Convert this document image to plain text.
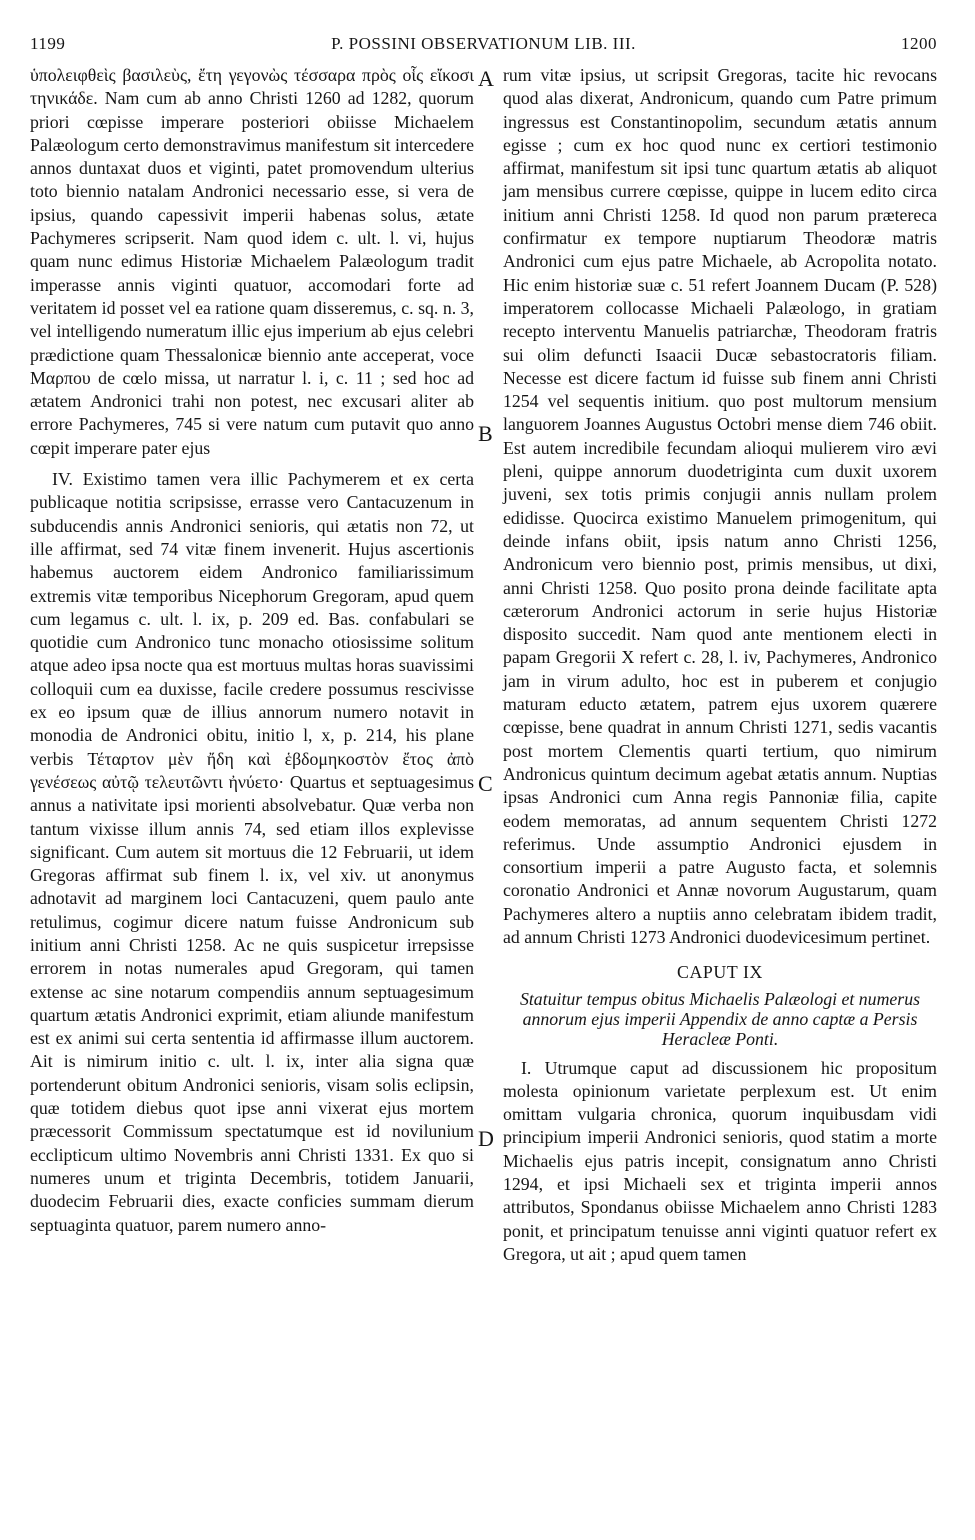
1199	P. POSSINI OBSERVATIONUM LIB. III.	1200

ὑπολειφθεὶς βασιλεὺς, ἔτη γεγονὼς τέσσαρα πρὸς οἷς εἴκοσι τηνικάδε. Nam cum ab anno Christi 1260 ad 1282, quorum priori cœpisse imperare posteriori obiisse Michaelem Palæologum certo demonstravimus manifestum sit intercedere annos duntaxat duos et viginti, patet promovendum ulterius toto biennio natalam Andronici necessario esse, si vera de ipsius, quando capessivit imperii habenas solus, ætate Pachymeres scripserit. Nam quod idem c. ult. l. vi, hujus quam nunc edimus Historiæ Michaelem Palæologum tradit imperasse annis viginti quatuor, accomodari forte ad veritatem id posset vel ea ratione quam disseremus, c. sq. n. 3, vel intelligendo numeratum illic ejus imperium ab ejus celebri prædictione quam Thessalonicæ biennio ante acceperat, voce Μαρπου de cœlo missa, ut narratur l. i, c. 11 ; sed hoc ad ætatem Andronici trahi non potest, nec excusari aliter ab errore Pachymeres, 745 si vere natum cum putavit quo anno cœpit imperare pater ejus

IV. Existimo tamen vera illic Pachymerem et ex certa publicaque notitia scripsisse, errasse vero Cantacuzenum in subducendis annis Andronici senioris, qui ætatis non 72, ut ille affirmat, sed 74 vitæ finem invenerit. Hujus ascertionis habemus auctorem eidem Andronico familiarissimum extremis vitæ temporibus Nicephorum Gregoram, apud quem cum legamus c. ult. l. ix, p. 209 ed. Bas. confabulari se quotidie cum Andronico tunc monacho otiosissime solitum atque adeo ipsa nocte qua est mortuus multas horas suavissimi colloquii cum ea duxisse, facile credere possumus rescivisse ex eo ipsum quæ de illius annorum numero notavit in monodia de Andronici obitu, initio l, x, p. 214, his plane verbis Τέταρτον μὲν ἤδη καὶ ἑβδομηκοστὸν ἔτος ἀπὸ γενέσεως αὐτῷ τελευτῶντι ἠνύετο· Quartus et septuagesimus annus a nativitate ipsi morienti absolvebatur. Quæ verba non tantum vixisse illum annis 74, sed etiam illos explevisse significant. Cum autem sit mortuus die 12 Februarii, ut idem Gregoras affirmat sub finem l. ix, vel xiv. ut anonymus adnotavit ad marginem loci Cantacuzeni, quem paulo ante retulimus, cogimur dicere natum fuisse Andronicum sub initium anni Christi 1258. Ac ne quis suspicetur irrepsisse errorem in notas numerales apud Gregoram, qui tamen extense ac sine notarum compendiis annum septuagesimum quartum ætatis Andronici exprimit, etiam aliunde manifestum est ex animi sui certa sententia id affirmasse illum auctorem. Ait is nimirum initio c. ult. l. ix, inter alia signa quæ portenderunt obitum Andronici senioris, visam solis eclipsin, quæ totidem diebus quot ipse anni vixerat ejus mortem præcessorit Commissum spectatumque est id novilunium ecclipticum ultimo Novembris anni Christi 1331. Ex quo si numeres unum et triginta Decembris, totidem Januarii, duodecim Februarii dies, exacte conficies summam dierum septuaginta quatuor, parem numero anno-

A
B
C
D

rum vitæ ipsius, ut scripsit Gregoras, tacite hic revocans quod alas dixerat, Andronicum, quando cum Patre primum ingressus est Constantinopolim, secundum ætatis annum egisse ; cum ex hoc quod nunc ex certiori testimonio affirmat, manifestum sit ipsi tunc quartum ætatis ab aliquot jam mensibus currere cœpisse, quippe in lucem edito circa initium anni Christi 1258. Id quod non parum prætereca confirmatur ex tempore nuptiarum Theodoræ matris Andronici cum ejus patre Michaele, ab Acropolita notato. Hic enim historiæ suæ c. 51 refert Joannem Ducam (P. 528) imperatorem collocasse Michaeli Palæologo, in gratiam recepto interventu Manuelis patriarchæ, Theodoram fratris sui olim defuncti Isaacii Ducæ sebastocratoris filiam. Necesse est dicere factum id fuisse sub finem anni Christi 1254 vel sequentis initium. quo post multorum mensium languorem Joannes Augustus Octobri mense diem 746 obiit. Est autem incredibile fecundam alioqui mulierem viro ævi pleni, quippe annorum duodetriginta cum duxit uxorem juveni, sex totis primis conjugii annis nullam prolem edidisse. Quocirca existimo Manuelem primogenitum, qui deinde infans obiit, ipsis natum anno Christi 1256, Andronicum vero biennio post, primis mensibus, ut dixi, anni Christi 1258. Quo posito prona deinde facilitate apta cæterorum Andronici actorum in serie hujus Historiæ disposito succedit. Nam quod ante mentionem electi in papam Gregorii X refert c. 28, l. iv, Pachymeres, Andronico jam in virum adulto, hoc est in puberem et conjugio maturam educto ætatem, patrem ejus uxorem quærere cœpisse, bene quadrat in annum Christi 1271, sedis vacantis post mortem Clementis quarti tertium, quo nimirum Andronicus quintum decimum agebat ætatis annum. Nuptias ipsas Andronici cum Anna regis Pannoniæ filia, capite eodem memoratas, ad annum sequentem Christi 1272 referimus. Unde assumptio Andronici ejusdem in consortium imperii a patre Augusto facta, et solemnis coronatio Andronici et Annæ novorum Augustarum, quam Pachymeres altero a nuptiis anno celebratam ibidem tradit, ad annum Christi 1273 Andronici duodevicesimum pertinet.

CAPUT IX

Statuitur tempus obitus Michaelis Palæologi et numerus annorum ejus imperii Appendix de anno captæ a Persis Heracleæ Ponti.

I. Utrumque caput ad discussionem hic propositum molesta opinionum varietate perplexum est. Ut enim omittam vulgaria chronica, quorum inquibusdam vidi principium imperii Andronici senioris, quod statim a morte Michaelis ejus patris incepit, consignatum anno Christi 1294, et ipsi Michaeli sex et triginta imperii annos attributos, Spondanus obiisse Michaelem anno Christi 1283 ponit, et principatum tenuisse anni viginti quatuor refert ex Gregora, ut ait ; apud quem tamen
